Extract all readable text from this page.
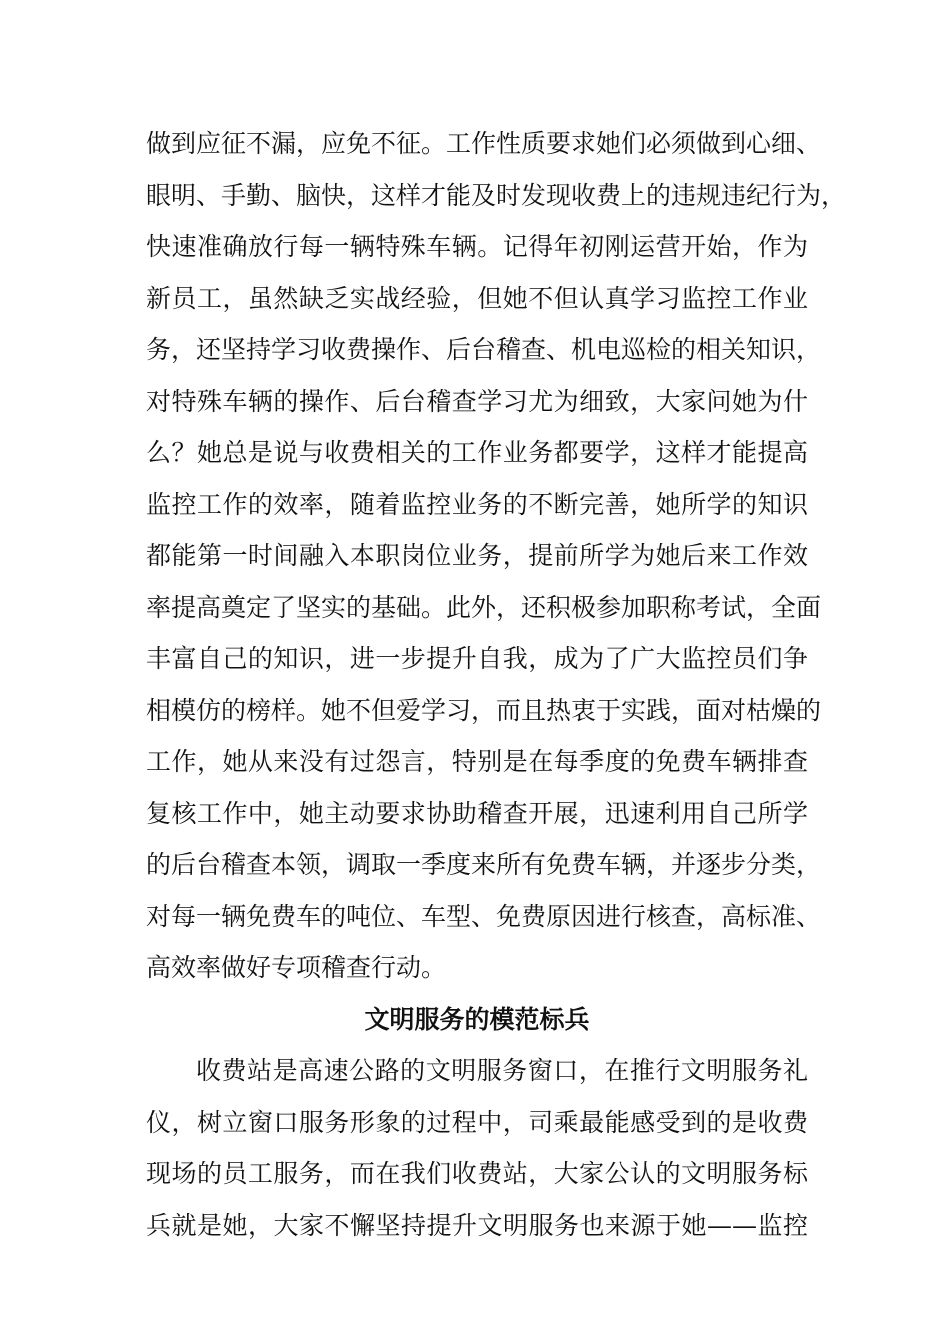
做到应征不漏，应免不征。工作性质要求她们必须做到心细、
眼明、手勤、脑快，这样才能及时发现收费上的违规违纪行为，
快速准确放行每一辆特殊车辆。记得年初刚运营开始，作为
新员工，虽然缺乏实战经验，但她不但认真学习监控工作业
务，还坚持学习收费操作、后台稽查、机电巡检的相关知识，
对特殊车辆的操作、后台稽查学习尤为细致，大家问她为什
么？她总是说与收费相关的工作业务都要学，这样才能提高
监控工作的效率，随着监控业务的不断完善，她所学的知识
都能第一时间融入本职岗位业务，提前所学为她后来工作效
率提高奠定了坚实的基础。此外，还积极参加职称考试，全面
丰富自己的知识，进一步提升自我，成为了广大监控员们争
相模仿的榜样。她不但爱学习，而且热衷于实践，面对枯燥的
工作，她从来没有过怨言，特别是在每季度的免费车辆排查
复核工作中，她主动要求协助稽查开展，迅速利用自己所学
的后台稽查本领，调取一季度来所有免费车辆，并逐步分类，
对每一辆免费车的吨位、车型、免费原因进行核查，高标准、
高效率做好专项稽查行动。
文明服务的模范标兵
收费站是高速公路的文明服务窗口，在推行文明服务礼
仪，树立窗口服务形象的过程中，司乘最能感受到的是收费
现场的员工服务，而在我们收费站，大家公认的文明服务标
兵就是她，大家不懈坚持提升文明服务也来源于她——监控
